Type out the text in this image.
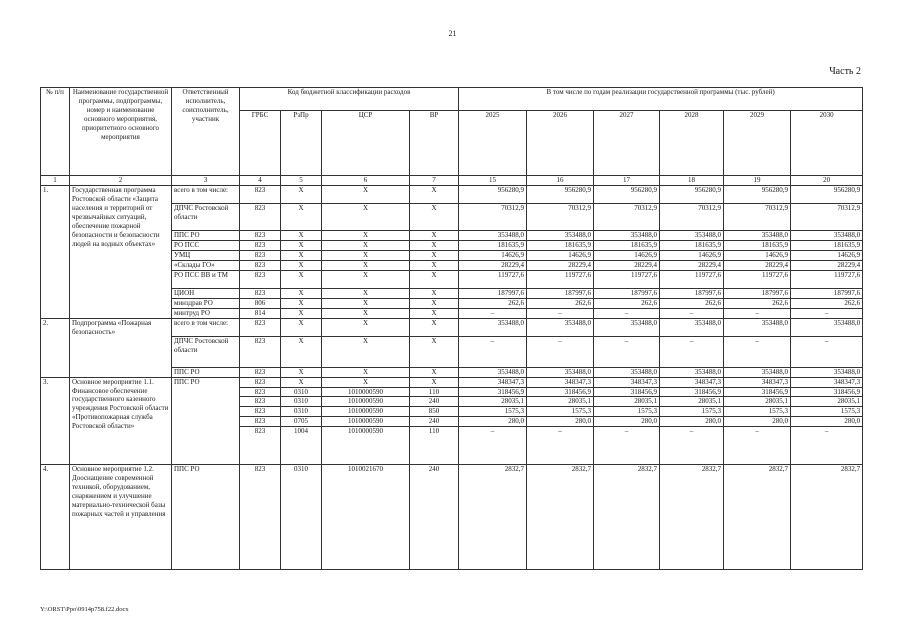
21
Часть 2
№ п/п	Наименование государственной программы, подпрограммы, номер и наименование основного мероприятия, приоритетного основного мероприятия	Ответственный исполнитель, соисполнитель, участник	Код бюджетной классификации расходов				В том числе по годам реализации государственной программы (тыс. рублей)					
			ГРБС	РзПр	ЦСР	ВР	2025	2026	2027	2028	2029	2030
1	2	3	4	5	6	7	15	16	17	18	19	20
1.	Государственная программа Ростовской области «Защита населения и территорий от чрезвычайных ситуаций, обеспечение пожарной безопасности и безопасности людей на водных объектах»	всего в том числе:	823	Х	Х	Х	956280,9	956280,9	956280,9	956280,9	956280,9	956280,9
		ДПЧС Ростовской области	823	Х	Х	Х	70312,9	70312,9	70312,9	70312,9	70312,9	70312,9
		ППС РО	823	Х	Х	Х	353488,0	353488,0	353488,0	353488,0	353488,0	353488,0
		РО ПСС	823	Х	Х	Х	181635,9	181635,9	181635,9	181635,9	181635,9	181635,9
		УМЦ	823	Х	Х	Х	14626,9	14626,9	14626,9	14626,9	14626,9	14626,9
		«Склады ГО»	823	Х	Х	Х	28229,4	28229,4	28229,4	28229,4	28229,4	28229,4
		РО ПСС ВВ и ТМ	823	Х	Х	Х	119727,6	119727,6	119727,6	119727,6	119727,6	119727,6
		ЦИОН	823	Х	Х	Х	187997,6	187997,6	187997,6	187997,6	187997,6	187997,6
		минздрав РО	806	Х	Х	Х	262,6	262,6	262,6	262,6	262,6	262,6
		минтруд РО	814	Х	Х	Х	–	–	–	–	–	–
2.	Подпрограмма «Пожарная безопасность»	всего в том числе:	823	Х	Х	Х	353488,0	353488,0	353488,0	353488,0	353488,0	353488,0
		ДПЧС Ростовской области	823	Х	Х	Х	–	–	–	–	–	–
		ППС РО	823	Х	Х	Х	353488,0	353488,0	353488,0	353488,0	353488,0	353488,0
3.	Основное мероприятие 1.1. Финансовое обеспечение государственного казенного учреждения Ростовской области «Противопожарная служба Ростовской области»	ППС РО	823	Х	Х	Х	348347,3	348347,3	348347,3	348347,3	348347,3	348347,3
			823	0310	1010000590	110	318456,9	318456,9	318456,9	318456,9	318456,9	318456,9
			823	0310	1010000590	240	28035,1	28035,1	28035,1	28035,1	28035,1	28035,1
			823	0310	1010000590	850	1575,3	1575,3	1575,3	1575,3	1575,3	1575,3
			823	0705	1010000590	240	280,0	280,0	280,0	280,0	280,0	280,0
			823	1004	1010000590	110	–	–	–	–	–	–
4.	Основное мероприятие 1.2. Дооснащение современной техникой, оборудованием, снаряжением и улучшение материально-технической базы пожарных частей и управления	ППС РО	823	0310	1010021670	240	2832,7	2832,7	2832,7	2832,7	2832,7	2832,7
Y:\ORST\Ppo\0914p758.f22.docx
